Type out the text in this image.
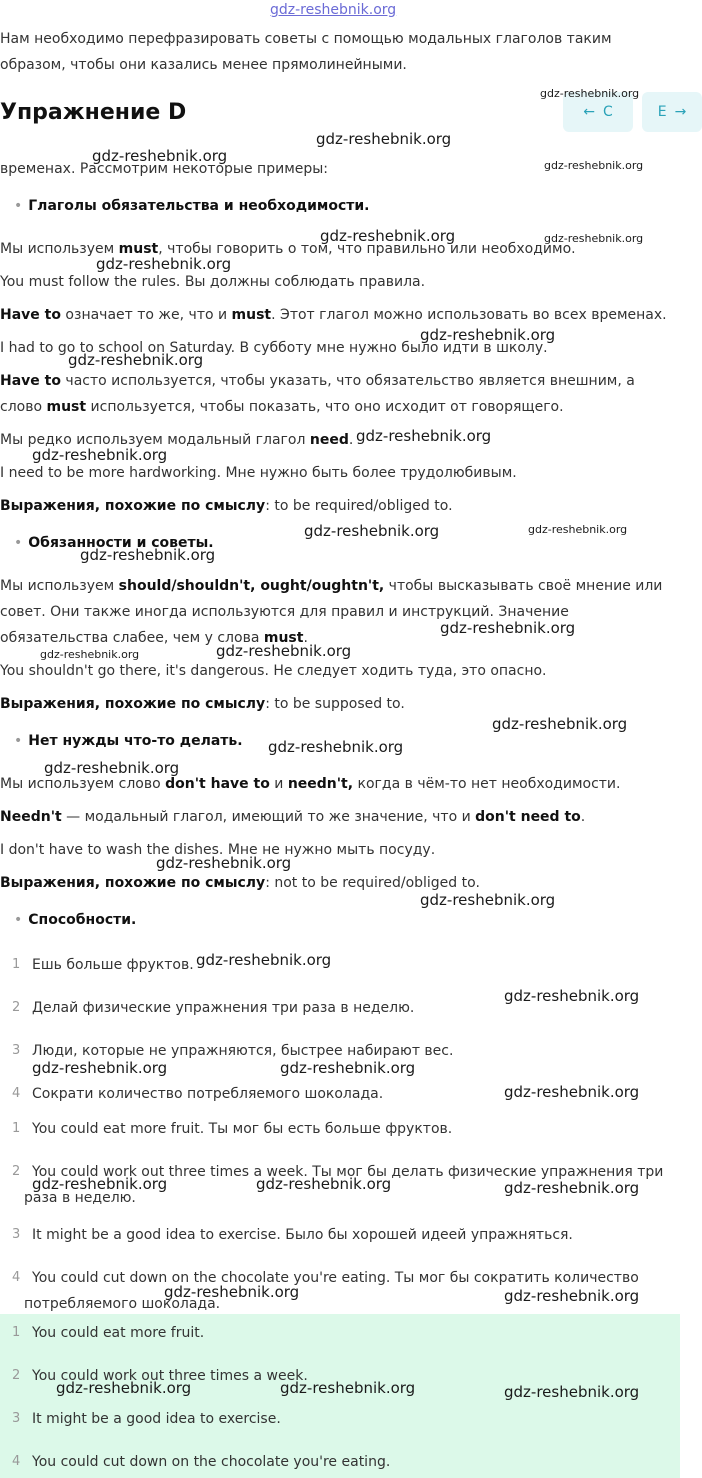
gdz-reshebnik.org

Нам необходимо перефразировать советы с помощью модальных глаголов таким образом, чтобы они казались менее прямолинейными.

Упражнение D	← C	E →

временах. Рассмотрим некоторые примеры:

• Глаголы обязательства и необходимости.

Мы используем must, чтобы говорить о том, что правильно или необходимо.

You must follow the rules. Вы должны соблюдать правила.

Have to означает то же, что и must. Этот глагол можно использовать во всех временах.

I had to go to school on Saturday. В субботу мне нужно было идти в школу.

Have to часто используется, чтобы указать, что обязательство является внешним, а слово must используется, чтобы показать, что оно исходит от говорящего.

Мы редко используем модальный глагол need.

I need to be more hardworking. Мне нужно быть более трудолюбивым.

Выражения, похожие по смыслу: to be required/obliged to.

• Обязанности и советы.

Мы используем should/shouldn't, ought/oughtn't, чтобы высказывать своё мнение или совет. Они также иногда используются для правил и инструкций. Значение обязательства слабее, чем у слова must.

You shouldn't go there, it's dangerous. Не следует ходить туда, это опасно.

Выражения, похожие по смыслу: to be supposed to.

• Нет нужды что-то делать.

Мы используем слово don't have to и needn't, когда в чём-то нет необходимости.

Needn't — модальный глагол, имеющий то же значение, что и don't need to.

I don't have to wash the dishes. Мне не нужно мыть посуду.

Выражения, похожие по смыслу: not to be required/obliged to.

• Способности.

1 Ешь больше фруктов.
2 Делай физические упражнения три раза в неделю.
3 Люди, которые не упражняются, быстрее набирают вес.
4 Сократи количество потребляемого шоколада.
1 You could eat more fruit. Ты мог бы есть больше фруктов.
2 You could work out three times a week. Ты мог бы делать физические упражнения три раза в неделю.
3 It might be a good idea to exercise. Было бы хорошей идеей упражняться.
4 You could cut down on the chocolate you're eating. Ты мог бы сократить количество потребляемого шоколада.
1 You could eat more fruit.
2 You could work out three times a week.
3 It might be a good idea to exercise.
4 You could cut down on the chocolate you're eating.
gdz-reshebnik.org
gdz-reshebnik.org
gdz-reshebnik.org
gdz-reshebnik.org
gdz-reshebnik.org	gdz-reshebnik.org
gdz-reshebnik.org
gdz-reshebnik.org
gdz-reshebnik.org
gdz-reshebnik.org
gdz-reshebnik.org
gdz-reshebnik.org	gdz-reshebnik.org
gdz-reshebnik.org
gdz-reshebnik.org
gdz-reshebnik.org	gdz-reshebnik.org
gdz-reshebnik.org
gdz-reshebnik.org
gdz-reshebnik.org
gdz-reshebnik.org
gdz-reshebnik.org
gdz-reshebnik.org
gdz-reshebnik.org
gdz-reshebnik.org	gdz-reshebnik.org
gdz-reshebnik.org
gdz-reshebnik.org	gdz-reshebnik.org	gdz-reshebnik.org
gdz-reshebnik.org	gdz-reshebnik.org
gdz-reshebnik.org	gdz-reshebnik.org	gdz-reshebnik.org
